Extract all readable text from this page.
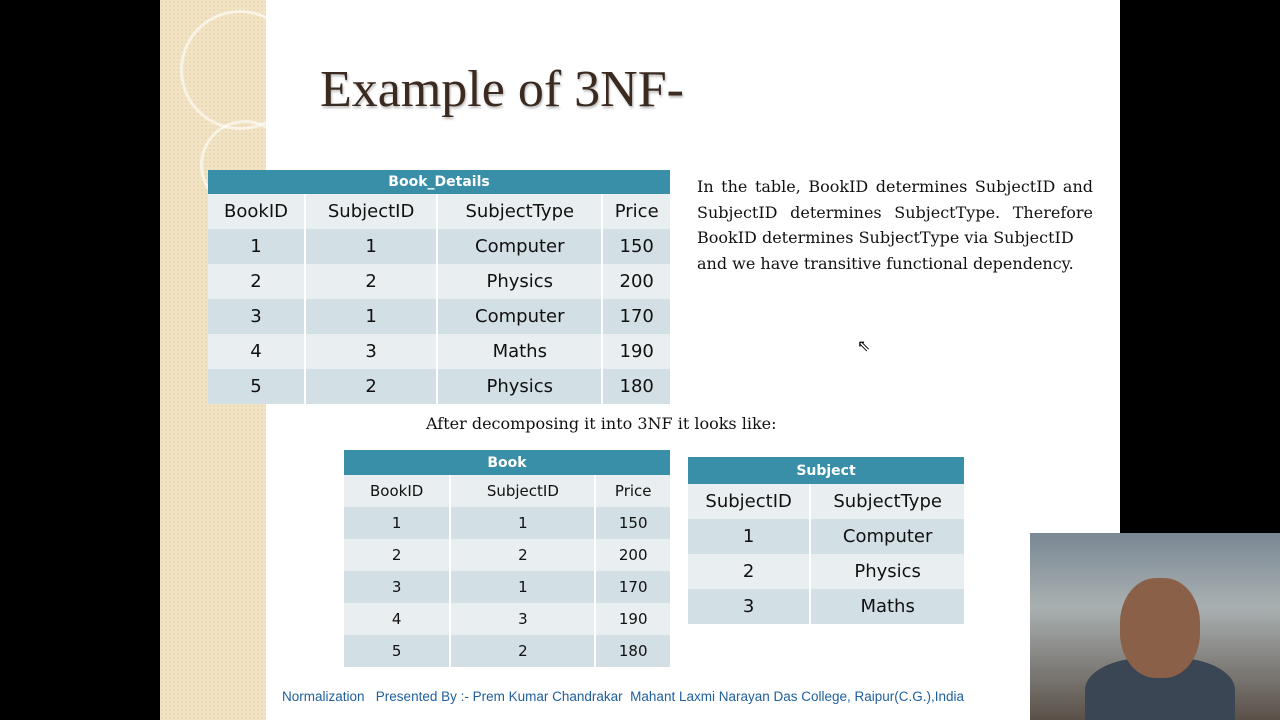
Example of 3NF-
Book_Details			
BookID	SubjectID	SubjectType	Price
1	1	Computer	150
2	2	Physics	200
3	1	Computer	170
4	3	Maths	190
5	2	Physics	180
In the table, BookID determines SubjectID and SubjectID determines SubjectType. Therefore BookID determines SubjectType via SubjectID

and we have transitive functional dependency.
After decomposing it into 3NF it looks like:
Book		
BookID	SubjectID	Price
1	1	150
2	2	200
3	1	170
4	3	190
5	2	180
Subject	
SubjectID	SubjectType
1	Computer
2	Physics
3	Maths
Normalization Presented By :- Prem Kumar Chandrakar Mahant Laxmi Narayan Das College, Raipur(C.G.),India
⇖
